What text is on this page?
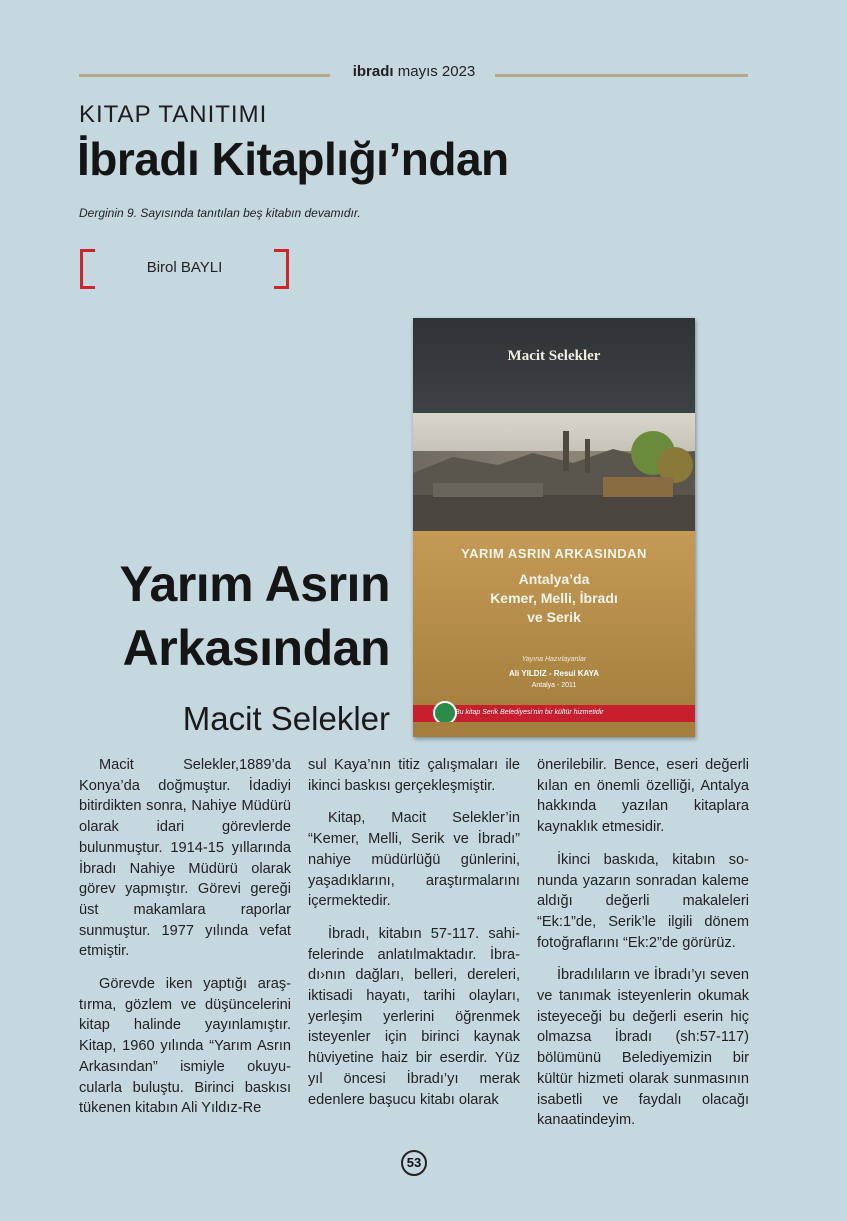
ibradı mayıs 2023
KITAP TANITIMI
İbradı Kitaplığı’ndan
Derginin 9. Sayısında tanıtılan beş kitabın devamıdır.
Birol BAYLI
Macit Selekler
YARIM ASRIN ARKASINDAN
Antalya’da
Kemer, Melli, İbradı
ve Serik
Yayına Hazırlayanlar
Ali YILDIZ - Resul KAYA
Antalya - 2011
Bu kitap Serik Belediyesi’nin bir kültür hizmetidir
Yarım Asrın
Arkasından
Macit Selekler

Macit Selekler,1889’da Konya’da doğmuştur. İdadiyi bitirdikten sonra, Nahiye Müdürü olarak idari görevlerde bulunmuştur. 1914-15 yıllarında İbradı Nahiye Müdürü olarak görev yapmıştır. Görevi gereği üst makamlara raporlar sunmuştur. 1977 yılında vefat etmiştir.

Görevde iken yaptığı araştırma, gözlem ve düşüncelerini kitap halinde yayınlamıştır. Kitap, 1960 yılında “Yarım Asrın Arkasından” ismiyle okuyucularla buluştu. Birinci baskısı tükenen kitabın Ali Yıldız-Re

sul Kaya’nın titiz çalışmaları ile ikinci baskısı gerçekleşmiştir.

Kitap, Macit Selekler’in “Kemer, Melli, Serik ve İbradı” nahiye müdürlüğü günlerini, yaşadıklarını, araştırmalarını içermektedir.

İbradı, kitabın 57-117. sahifelerinde anlatılmaktadır. İbradı›nın dağları, belleri, dereleri, iktisadi hayatı, tarihi olayları, yerleşim yerlerini öğrenmek isteyenler için birinci kaynak hüviyetine haiz bir eserdir. Yüz yıl öncesi İbradı’yı merak edenlere başucu kitabı olarak

önerilebilir. Bence, eseri değerli kılan en önemli özelliği, Antalya hakkında yazılan kitaplara kaynaklık etmesidir.

İkinci baskıda, kitabın sonunda yazarın sonradan kaleme aldığı değerli makaleleri “Ek:1”de, Serik’le ilgili dönem fotoğraflarını “Ek:2”de görürüz.

İbradılıların ve İbradı’yı seven ve tanımak isteyenlerin okumak isteyeceği bu değerli eserin hiç olmazsa İbradı (sh:57-117) bölümünü Belediyemizin bir kültür hizmeti olarak sunmasının isabetli ve faydalı olacağı kanaatindeyim.

53
